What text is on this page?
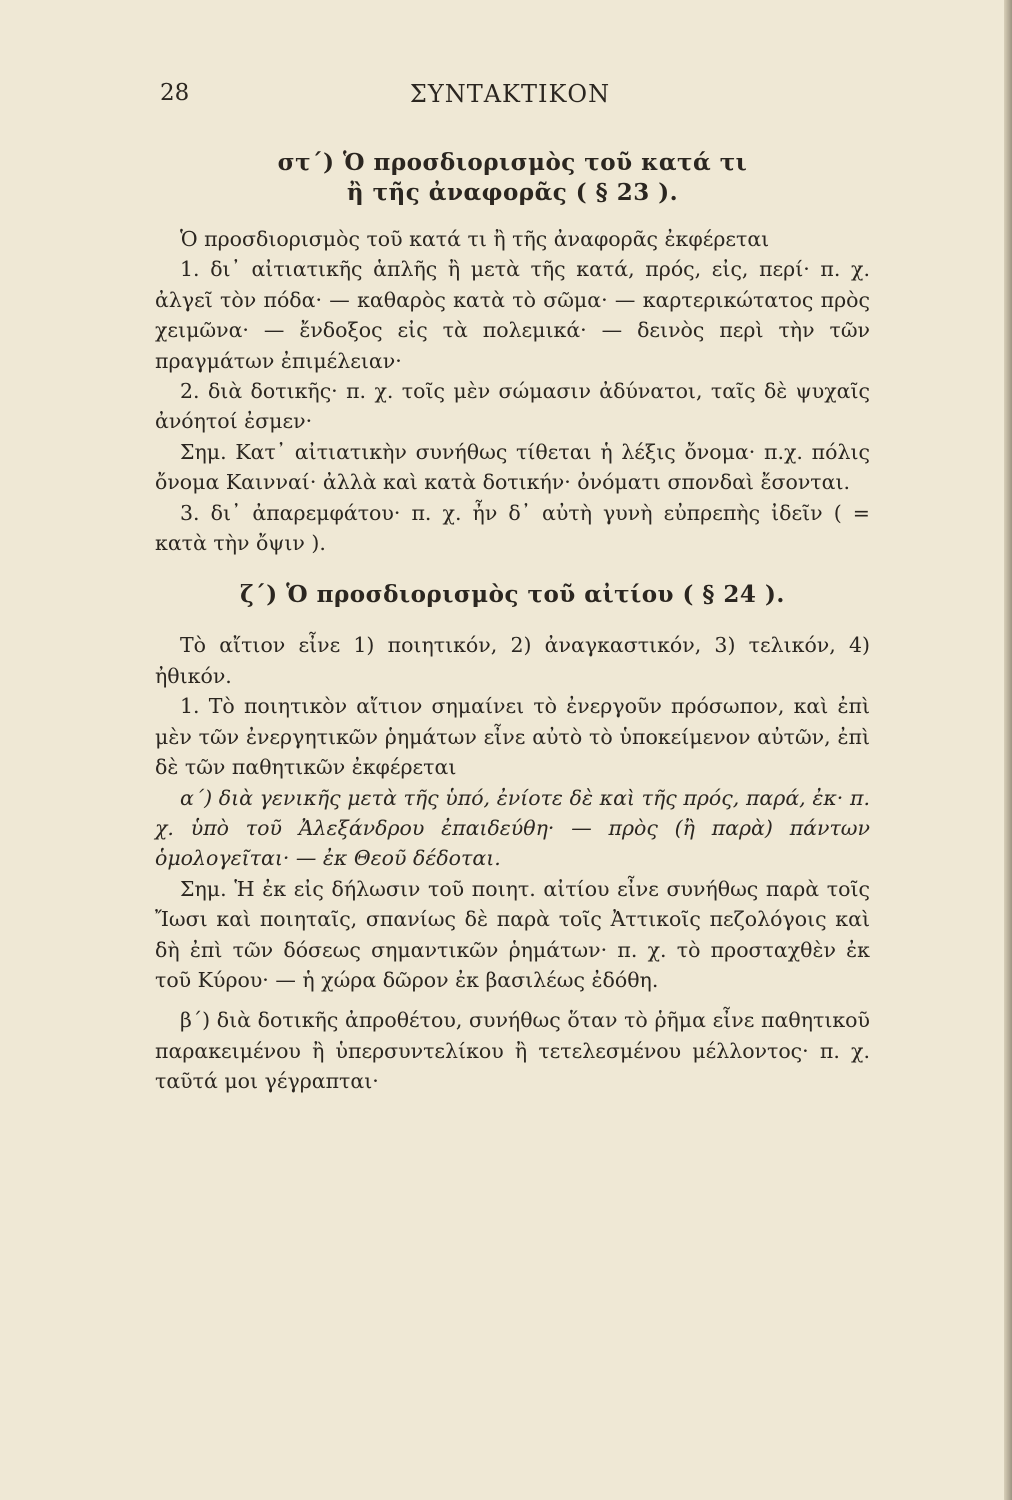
28	ΣΥΝΤΑΚΤΙΚΟΝ
στ΄) Ὁ προσδιορισμὸς τοῦ κατά τι
ἢ τῆς ἀναφορᾶς ( § 23 ).

Ὁ προσδιορισμὸς τοῦ κατά τι ἢ τῆς ἀναφορᾶς ἐκφέρεται

1. δι᾽ αἰτιατικῆς ἁπλῆς ἢ μετὰ τῆς κατά, πρός, εἰς, περί· π. χ. ἀλγεῖ τὸν πόδα· — καθαρὸς κατὰ τὸ σῶμα· — καρτερικώτατος πρὸς χειμῶνα· — ἔνδοξος εἰς τὰ πολεμικά· — δεινὸς περὶ τὴν τῶν πραγμάτων ἐπιμέλειαν·

2. διὰ δοτικῆς· π. χ. τοῖς μὲν σώμασιν ἀδύνατοι, ταῖς δὲ ψυχαῖς ἀνόητοί ἐσμεν·

Σημ. Κατ᾽ αἰτιατικὴν συνήθως τίθεται ἡ λέξις ὄνομα· π.χ. πόλις ὄνομα Καινναί· ἀλλὰ καὶ κατὰ δοτικήν· ὀνόματι σπονδαὶ ἔσονται.

3. δι᾽ ἀπαρεμφάτου· π. χ. ἦν δ᾽ αὐτὴ γυνὴ εὐπρεπὴς ἰδεῖν ( = κατὰ τὴν ὄψιν ).

ζ΄) Ὁ προσδιορισμὸς τοῦ αἰτίου ( § 24 ).

Τὸ αἴτιον εἶνε 1) ποιητικόν, 2) ἀναγκαστικόν, 3) τελικόν, 4) ἠθικόν.

1. Τὸ ποιητικὸν αἴτιον σημαίνει τὸ ἐνεργοῦν πρόσωπον, καὶ ἐπὶ μὲν τῶν ἐνεργητικῶν ῥημάτων εἶνε αὐτὸ τὸ ὑποκείμενον αὐτῶν, ἐπὶ δὲ τῶν παθητικῶν ἐκφέρεται

α΄) διὰ γενικῆς μετὰ τῆς ὑπό, ἐνίοτε δὲ καὶ τῆς πρός, παρά, ἐκ· π. χ. ὑπὸ τοῦ Ἀλεξάνδρου ἐπαιδεύθη· — πρὸς (ἢ παρὰ) πάντων ὁμολογεῖται· — ἐκ Θεοῦ δέδοται.

Σημ. Ἡ ἐκ εἰς δήλωσιν τοῦ ποιητ. αἰτίου εἶνε συνήθως παρὰ τοῖς Ἴωσι καὶ ποιηταῖς, σπανίως δὲ παρὰ τοῖς Ἀττικοῖς πεζολόγοις καὶ δὴ ἐπὶ τῶν δόσεως σημαντικῶν ῥημάτων· π. χ. τὸ προσταχθὲν ἐκ τοῦ Κύρου· — ἡ χώρα δῶρον ἐκ βασιλέως ἐδόθη.

β΄) διὰ δοτικῆς ἀπροθέτου, συνήθως ὅταν τὸ ῥῆμα εἶνε παθητικοῦ παρακειμένου ἢ ὑπερσυντελίκου ἢ τετελεσμένου μέλλοντος· π. χ. ταῦτά μοι γέγραπται·
